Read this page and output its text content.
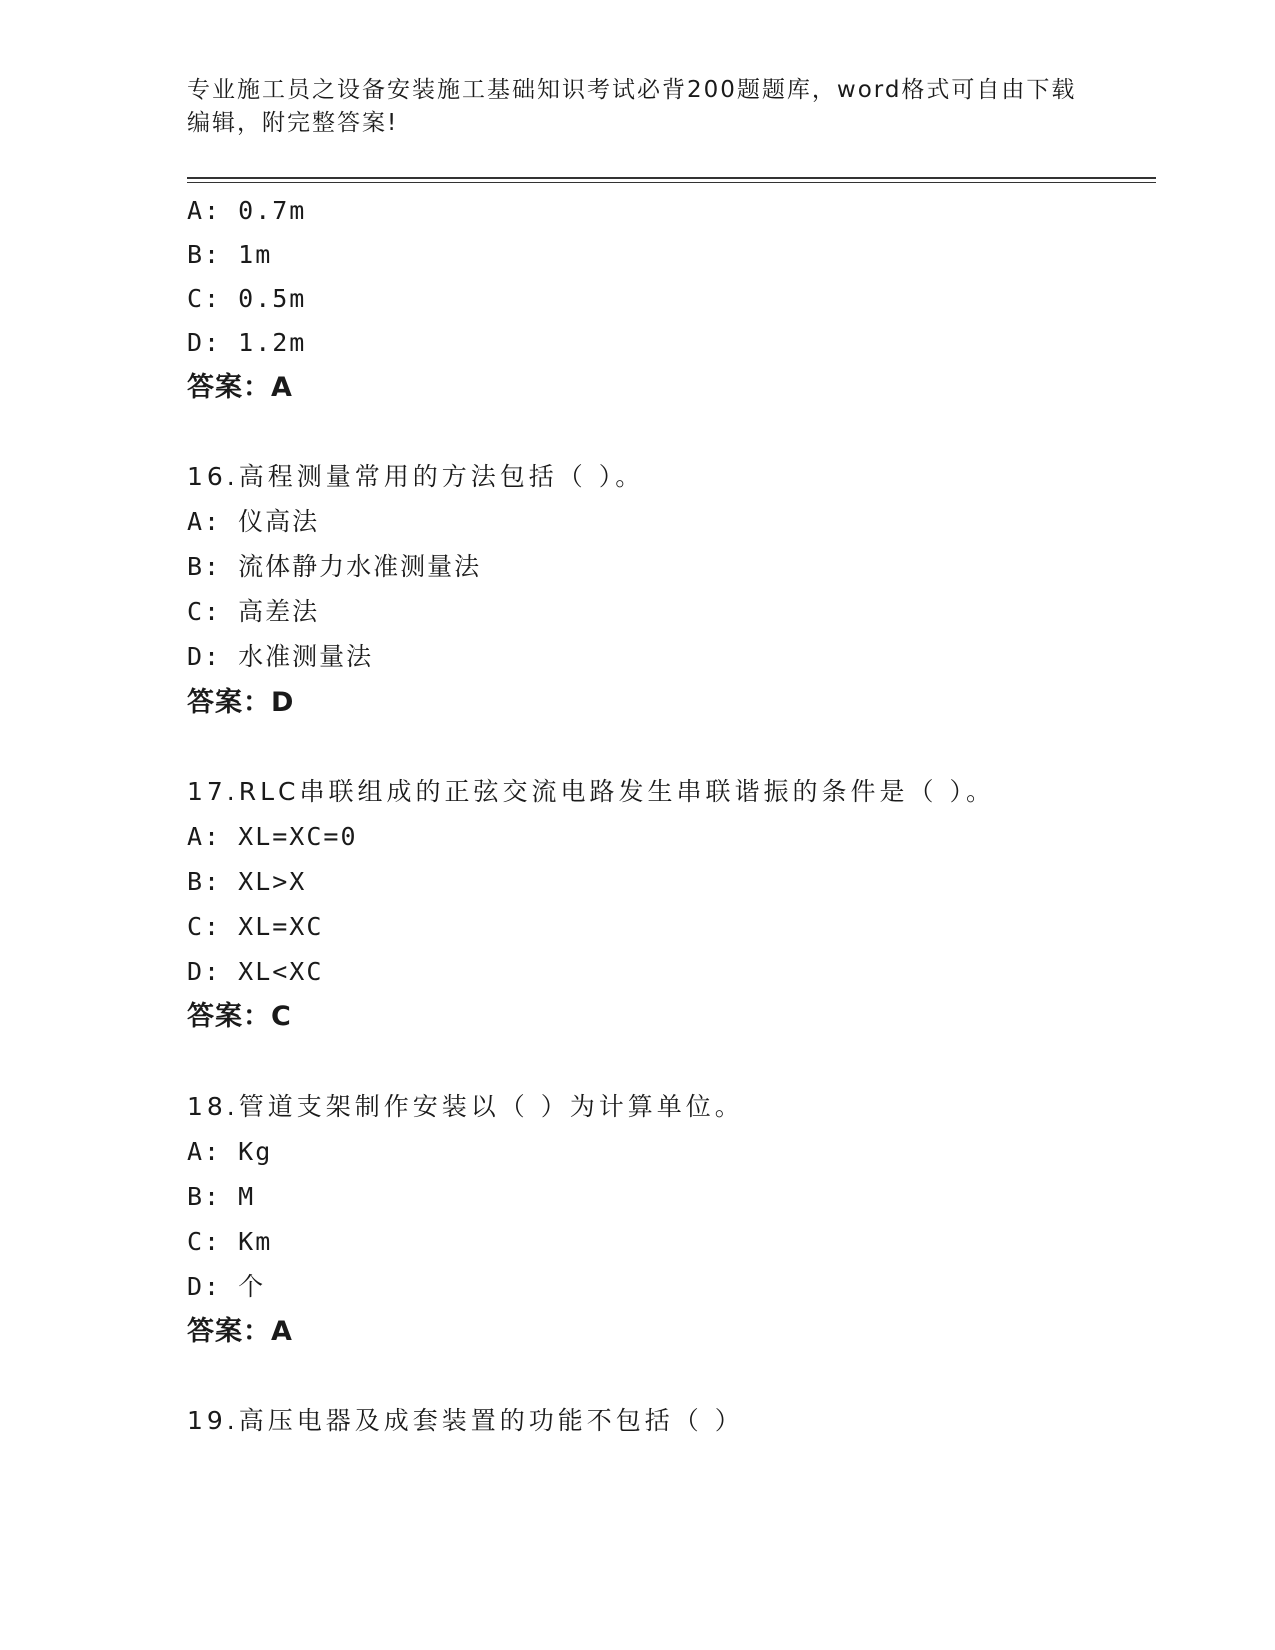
专业施工员之设备安装施工基础知识考试必背200题题库，word格式可自由下载
编辑，附完整答案!
A: 0.7m
B: 1m
C: 0.5m
D: 1.2m
答案：A
16.高程测量常用的方法包括（ ）。
A: 仪高法
B: 流体静力水准测量法
C: 高差法
D: 水准测量法
答案：D
17.RLC串联组成的正弦交流电路发生串联谐振的条件是（ ）。
A: XL=XC=0
B: XL>X
C: XL=XC
D: XL<XC
答案：C
18.管道支架制作安装以（ ）为计算单位。
A: Kg
B: M
C: Km
D: 个
答案：A
19.高压电器及成套装置的功能不包括（ ）
